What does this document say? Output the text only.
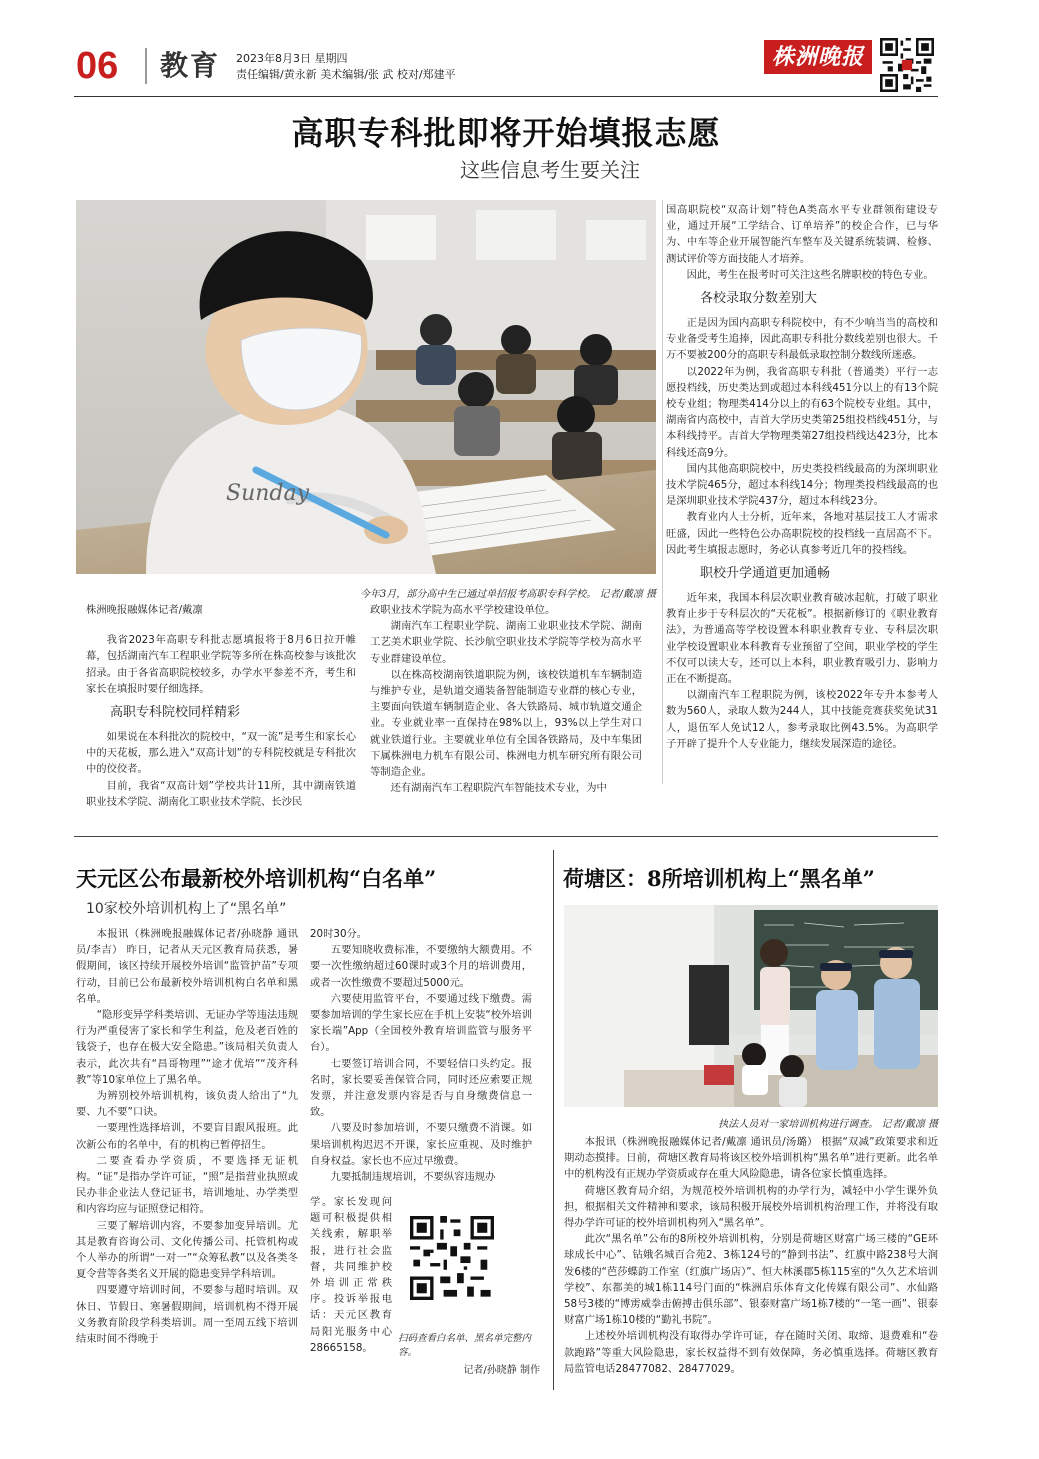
06 教育 2023年8月3日 星期四
责任编辑/黄永新 美术编辑/张 武 校对/郑建平
株洲晚报
高职专科批即将开始填报志愿
这些信息考生要关注
Sunday
今年3月，部分高中生已通过单招报考高职专科学校。 记者/戴凛 摄
株洲晚报融媒体记者/戴凛

我省2023年高职专科批志愿填报将于8月6日拉开帷幕，包括湖南汽车工程职业学院等多所在株高校参与该批次招录。由于各省高职院校较多，办学水平参差不齐，考生和家长在填报时要仔细选择。

高职专科院校同样精彩

如果说在本科批次的院校中，“双一流”是考生和家长心中的天花板，那么进入“双高计划”的专科院校就是专科批次中的佼佼者。

目前，我省“双高计划”学校共计11所，其中湖南铁道职业技术学院、湖南化工职业技术学院、长沙民

政职业技术学院为高水平学校建设单位。

湖南汽车工程职业学院、湖南工业职业技术学院、湖南工艺美术职业学院、长沙航空职业技术学院等学校为高水平专业群建设单位。

以在株高校湖南铁道职院为例，该校铁道机车车辆制造与维护专业，是轨道交通装备智能制造专业群的核心专业，主要面向铁道车辆制造企业、各大铁路局、城市轨道交通企业。专业就业率一直保持在98%以上，93%以上学生对口就业铁道行业。主要就业单位有全国各铁路局，及中车集团下属株洲电力机车有限公司、株洲电力机车研究所有限公司等制造企业。

还有湖南汽车工程职院汽车智能技术专业，为中

国高职院校“双高计划”特色A类高水平专业群领衔建设专业，通过开展“工学结合、订单培养”的校企合作，已与华为、中车等企业开展智能汽车整车及关键系统装调、检修、测试评价等方面技能人才培养。

因此，考生在报考时可关注这些名牌职校的特色专业。

各校录取分数差别大

正是因为国内高职专科院校中，有不少响当当的高校和专业备受考生追捧，因此高职专科批分数线差别也很大。千万不要被200分的高职专科最低录取控制分数线所迷惑。

以2022年为例，我省高职专科批（普通类）平行一志愿投档线，历史类达到或超过本科线451分以上的有13个院校专业组；物理类414分以上的有63个院校专业组。其中，湖南省内高校中，吉首大学历史类第25组投档线451分，与本科线持平。吉首大学物理类第27组投档线达423分，比本科线还高9分。

国内其他高职院校中，历史类投档线最高的为深圳职业技术学院465分，超过本科线14分；物理类投档线最高的也是深圳职业技术学院437分，超过本科线23分。

教育业内人士分析，近年来，各地对基层技工人才需求旺盛，因此一些特色公办高职院校的投档线一直居高不下。因此考生填报志愿时，务必认真参考近几年的投档线。

职校升学通道更加通畅

近年来，我国本科层次职业教育破冰起航，打破了职业教育止步于专科层次的“天花板”。根据新修订的《职业教育法》，为普通高等学校设置本科职业教育专业、专科层次职业学校设置职业本科教育专业预留了空间，职业学校的学生不仅可以读大专，还可以上本科，职业教育吸引力、影响力正在不断提高。

以湖南汽车工程职院为例，该校2022年专升本参考人数为560人，录取人数为244人，其中技能竞赛获奖免试31人，退伍军人免试12人，参考录取比例43.5%。为高职学子开辟了提升个人专业能力，继续发展深造的途径。

天元区公布最新校外培训机构“白名单”
10家校外培训机构上了“黑名单”

本报讯（株洲晚报融媒体记者/孙晓静 通讯员/李吉） 昨日，记者从天元区教育局获悉，暑假期间，该区持续开展校外培训“监管护苗”专项行动，目前已公布最新校外培训机构白名单和黑名单。

“隐形变异学科类培训、无证办学等违法违规行为严重侵害了家长和学生利益，危及老百姓的钱袋子，也存在极大安全隐患。”该局相关负责人表示，此次共有“昌哥物理”“途才优培”“茂齐科教”等10家单位上了黑名单。

为辨别校外培训机构，该负责人给出了“九要、九不要”口诀。

一要理性选择培训，不要盲目跟风报班。此次新公布的名单中，有的机构已暂停招生。

二要查看办学资质，不要选择无证机构。“证”是指办学许可证，“照”是指营业执照或民办非企业法人登记证书，培训地址、办学类型和内容均应与证照登记相符。

三要了解培训内容，不要参加变异培训。尤其是教育咨询公司、文化传播公司、托管机构或个人举办的所谓“一对一”“众筹私教”以及各类冬夏令营等各类名义开展的隐患变异学科培训。

四要遵守培训时间，不要参与超时培训。双休日、节假日、寒暑假期间，培训机构不得开展义务教育阶段学科类培训。周一至周五线下培训结束时间不得晚于

20时30分。

五要知晓收费标准，不要缴纳大额费用。不要一次性缴纳超过60课时或3个月的培训费用，或者一次性缴费不要超过5000元。

六要使用监管平台，不要通过线下缴费。需要参加培训的学生家长应在手机上安装“校外培训家长端”App（全国校外教育培训监管与服务平台）。

七要签订培训合同，不要轻信口头约定。报名时，家长要妥善保管合同，同时还应索要正规发票，并注意发票内容是否与自身缴费信息一致。

八要及时参加培训，不要只缴费不消课。如果培训机构迟迟不开课，家长应重视、及时维护自身权益。家长也不应过早缴费。

九要抵制违规培训，不要纵容违规办

学。家长发现问题可积极提供相关线索，解职举报，进行社会监督，共同维护校外培训正常秩序。投诉举报电话：天元区教育局阳光服务中心28665158。

扫码查看白名单、黑名单完整内容。
记者/孙晓静 制作
荷塘区：8所培训机构上“黑名单”
执法人员对一家培训机构进行调查。 记者/戴凛 摄

本报讯（株洲晚报融媒体记者/戴凛 通讯员/汤璐） 根据“双减”政策要求和近期动态摸排。日前，荷塘区教育局将该区校外培训机构“黑名单”进行更新。此名单中的机构没有正规办学资质或存在重大风险隐患，请各位家长慎重选择。

荷塘区教育局介绍，为规范校外培训机构的办学行为，减轻中小学生课外负担，根据相关文件精神和要求，该局积极开展校外培训机构治理工作，并将没有取得办学许可证的校外培训机构列入“黑名单”。

此次“黑名单”公布的8所校外培训机构，分别是荷塘区财富广场三楼的“GE环球成长中心”、钻娥名城百合苑2、3栋124号的“静到书法”、红旗中路238号大润发6楼的“芭莎蝶韵工作室（红旗广场店）”、恒大林溪郡5栋115室的“久久艺术培训学校”、东都美的城1栋114号门面的“株洲启乐体育文化传媒有限公司”、水仙路58号3楼的“博雳威拳击俯搏击俱乐部”、银泰财富广场1栋7楼的“一笔一画”、银泰财富广场1栋10楼的“勤礼书院”。

上述校外培训机构没有取得办学许可证，存在随时关闭、取缔、退费难和“卷款跑路”等重大风险隐患，家长权益得不到有效保障，务必慎重选择。荷塘区教育局监管电话28477082、28477029。
